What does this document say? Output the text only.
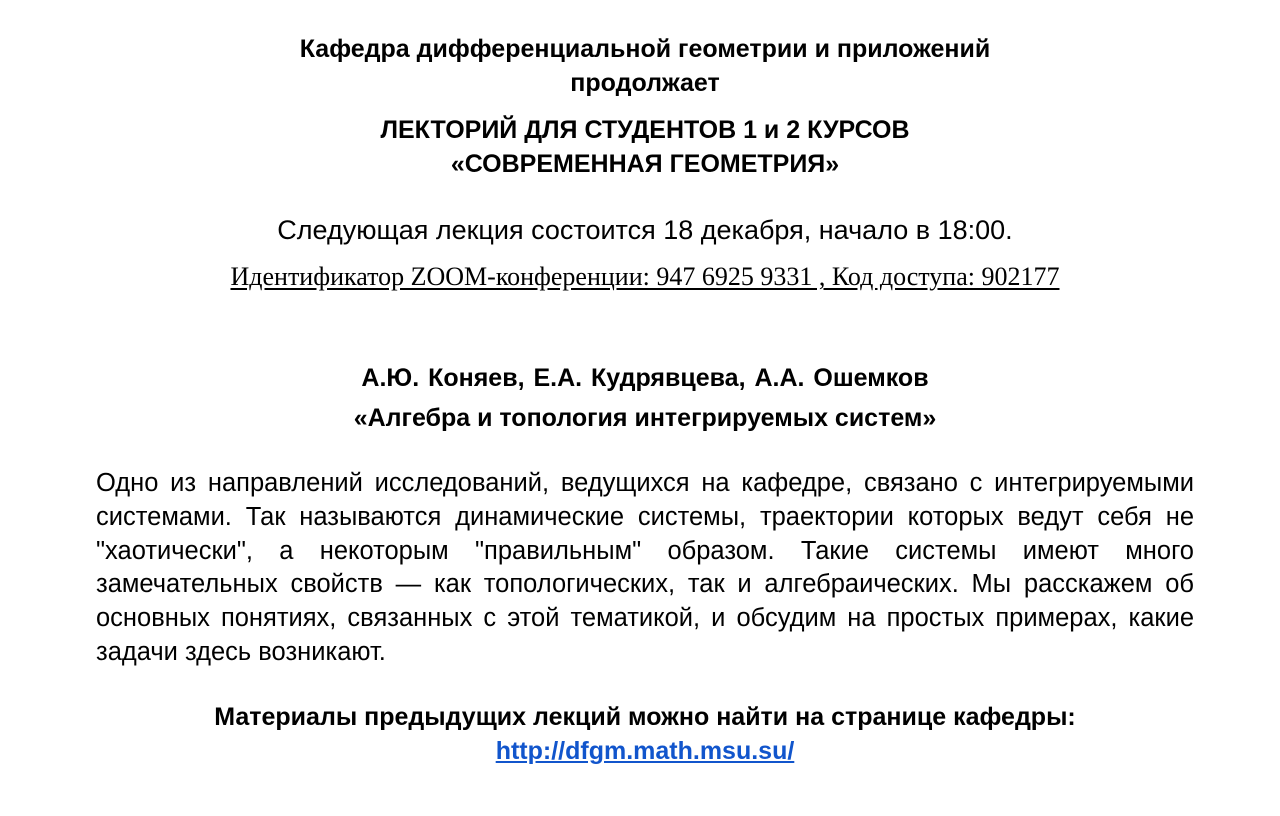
Кафедра дифференциальной геометрии и приложений
продолжает
ЛЕКТОРИЙ ДЛЯ СТУДЕНТОВ 1 и 2 КУРСОВ
«СОВРЕМЕННАЯ ГЕОМЕТРИЯ»
Следующая лекция состоится 18 декабря, начало в 18:00.
Идентификатор ZOOM-конференции: 947 6925 9331 , Код доступа: 902177
А.Ю. Коняев, Е.А. Кудрявцева, А.А. Ошемков
«Алгебра и топология интегрируемых систем»
Одно из направлений исследований, ведущихся на кафедре, связано с интегрируемыми системами. Так называются динамические системы, траектории которых ведут себя не "хаотически", а некоторым "правильным" образом. Такие системы имеют много замечательных свойств — как топологических, так и алгебраических. Мы расскажем об основных понятиях, связанных с этой тематикой, и обсудим на простых примерах, какие задачи здесь возникают.
Материалы предыдущих лекций можно найти на странице кафедры:
http://dfgm.math.msu.su/
